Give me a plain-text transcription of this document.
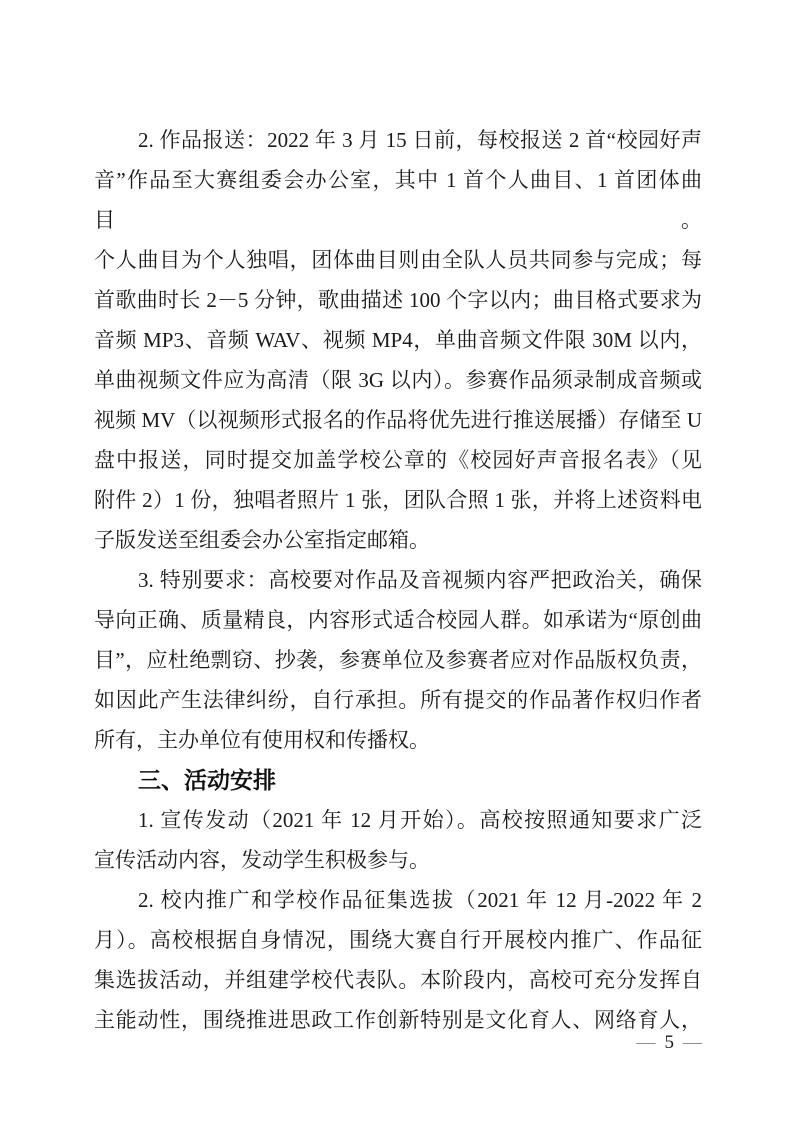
2. 作品报送：2022 年 3 月 15 日前，每校报送 2 首“校园好声
音”作品至大赛组委会办公室，其中 1 首个人曲目、1 首团体曲目。
个人曲目为个人独唱，团体曲目则由全队人员共同参与完成；每
首歌曲时长 2－5 分钟，歌曲描述 100 个字以内；曲目格式要求为
音频 MP3、音频 WAV、视频 MP4，单曲音频文件限 30M 以内，
单曲视频文件应为高清（限 3G 以内）。参赛作品须录制成音频或
视频 MV（以视频形式报名的作品将优先进行推送展播）存储至 U
盘中报送，同时提交加盖学校公章的《校园好声音报名表》（见
附件 2）1 份，独唱者照片 1 张，团队合照 1 张，并将上述资料电
子版发送至组委会办公室指定邮箱。
3. 特别要求：高校要对作品及音视频内容严把政治关，确保
导向正确、质量精良，内容形式适合校园人群。如承诺为“原创曲
目”，应杜绝剽窃、抄袭，参赛单位及参赛者应对作品版权负责，
如因此产生法律纠纷，自行承担。所有提交的作品著作权归作者
所有，主办单位有使用权和传播权。
三、活动安排
1. 宣传发动（2021 年 12 月开始）。高校按照通知要求广泛
宣传活动内容，发动学生积极参与。
2. 校内推广和学校作品征集选拔（2021 年 12 月-2022 年 2
月）。高校根据自身情况，围绕大赛自行开展校内推广、作品征
集选拔活动，并组建学校代表队。本阶段内，高校可充分发挥自
主能动性，围绕推进思政工作创新特别是文化育人、网络育人，
— 5 —
